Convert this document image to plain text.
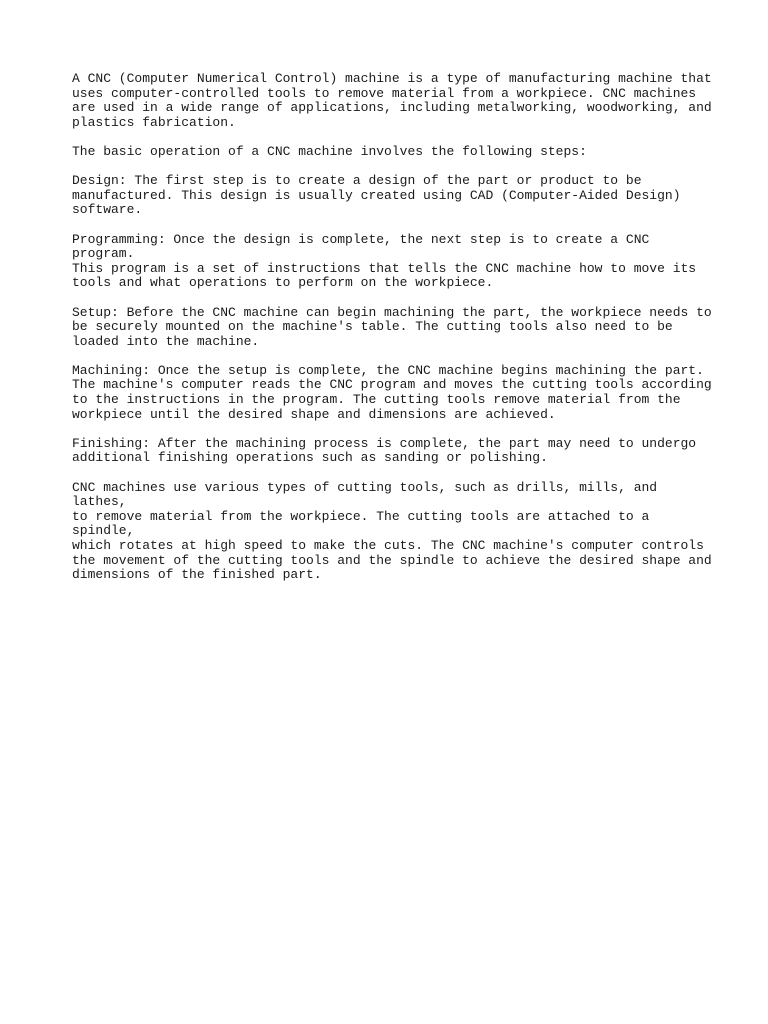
A CNC (Computer Numerical Control) machine is a type of manufacturing machine that
uses computer-controlled tools to remove material from a workpiece. CNC machines
are used in a wide range of applications, including metalworking, woodworking, and
plastics fabrication.

The basic operation of a CNC machine involves the following steps:

Design: The first step is to create a design of the part or product to be
manufactured. This design is usually created using CAD (Computer-Aided Design)
software.

Programming: Once the design is complete, the next step is to create a CNC program.
This program is a set of instructions that tells the CNC machine how to move its
tools and what operations to perform on the workpiece.

Setup: Before the CNC machine can begin machining the part, the workpiece needs to
be securely mounted on the machine's table. The cutting tools also need to be
loaded into the machine.

Machining: Once the setup is complete, the CNC machine begins machining the part.
The machine's computer reads the CNC program and moves the cutting tools according
to the instructions in the program. The cutting tools remove material from the
workpiece until the desired shape and dimensions are achieved.

Finishing: After the machining process is complete, the part may need to undergo
additional finishing operations such as sanding or polishing.

CNC machines use various types of cutting tools, such as drills, mills, and lathes,
to remove material from the workpiece. The cutting tools are attached to a spindle,
which rotates at high speed to make the cuts. The CNC machine's computer controls
the movement of the cutting tools and the spindle to achieve the desired shape and
dimensions of the finished part.
